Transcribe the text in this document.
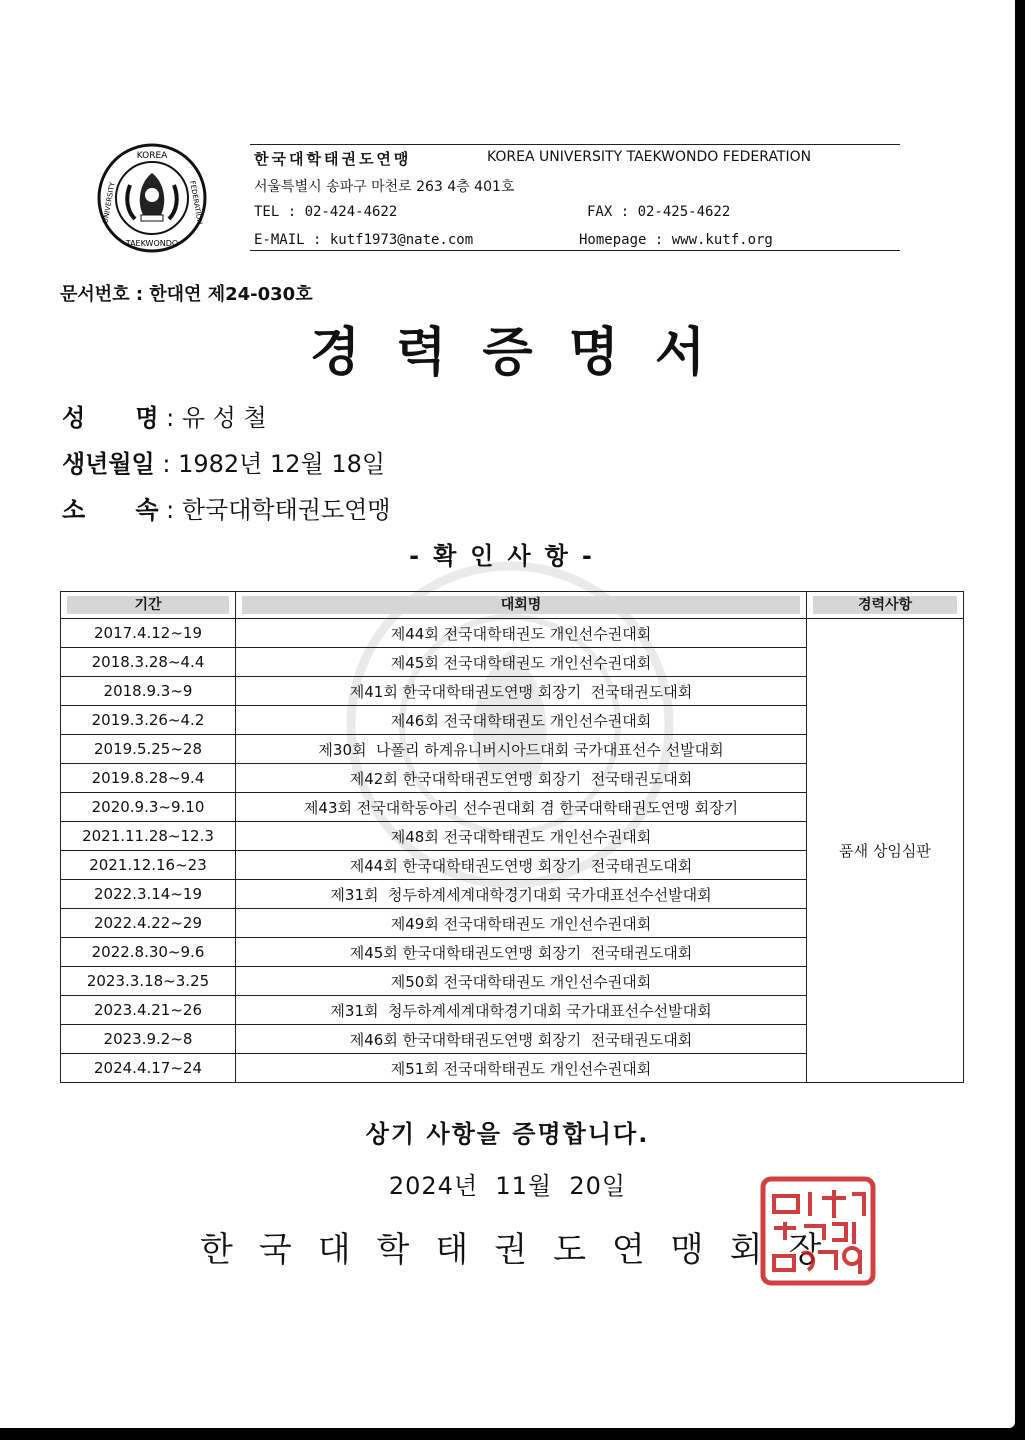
KOREA
UNIVERSITY	FEDERATION
TAEKWONDO
한국대학태권도연맹	KOREA UNIVERSITY TAEKWONDO FEDERATION
서울특별시 송파구 마천로 263 4층 401호
TEL : 02-424-4622	FAX : 02-425-4622
E-MAIL : kutf1973@nate.com	Homepage : www.kutf.org
문서번호 : 한대연 제24-030호
경력증명서
성      명 : 유 성 철
생년월일 : 1982년 12월 18일
소      속 : 한국대학태권도연맹
-확인사항-
기간	대회명	경력사항

2017.4.12~19	제44회 전국대학태권도 개인선수권대회	품새 상임심판
2018.3.28~4.4	제45회 전국대학태권도 개인선수권대회	
2018.9.3~9	제41회 한국대학태권도연맹 회장기  전국태권도대회	
2019.3.26~4.2	제46회 전국대학태권도 개인선수권대회	
2019.5.25~28	제30회  나폴리 하계유니버시아드대회 국가대표선수 선발대회	
2019.8.28~9.4	제42회 한국대학태권도연맹 회장기  전국태권도대회	
2020.9.3~9.10	제43회 전국대학동아리 선수권대회 겸 한국대학태권도연맹 회장기	
2021.11.28~12.3	제48회 전국대학태권도 개인선수권대회	
2021.12.16~23	제44회 한국대학태권도연맹 회장기  전국태권도대회	
2022.3.14~19	제31회  청두하계세계대학경기대회 국가대표선수선발대회	
2022.4.22~29	제49회 전국대학태권도 개인선수권대회	
2022.8.30~9.6	제45회 한국대학태권도연맹 회장기  전국태권도대회	
2023.3.18~3.25	제50회 전국대학태권도 개인선수권대회	
2023.4.21~26	제31회  청두하계세계대학경기대회 국가대표선수선발대회	
2023.9.2~8	제46회 한국대학태권도연맹 회장기  전국태권도대회	
2024.4.17~24	제51회 전국대학태권도 개인선수권대회	
상기 사항을 증명합니다.
2024년  11월  20일
한국대학태권도연맹회장
